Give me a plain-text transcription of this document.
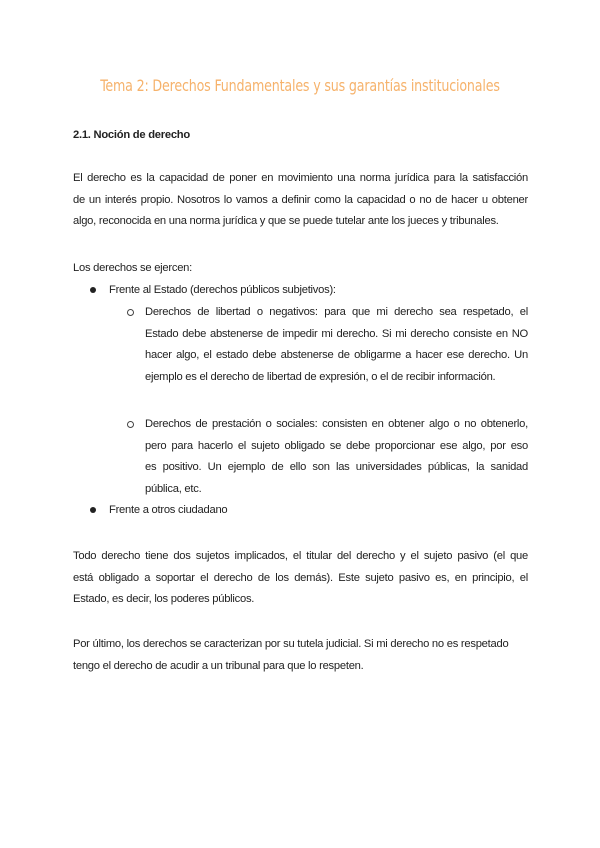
Tema 2: Derechos Fundamentales y sus garantías institucionales
2.1. Noción de derecho
El derecho es la capacidad de poner en movimiento una norma jurídica para la satisfacción
de un interés propio. Nosotros lo vamos a definir como la capacidad o no de hacer u obtener
algo, reconocida en una norma jurídica y que se puede tutelar ante los jueces y tribunales.
Los derechos se ejercen:
Frente al Estado (derechos públicos subjetivos):
Derechos de libertad o negativos: para que mi derecho sea respetado, el
Estado debe abstenerse de impedir mi derecho. Si mi derecho consiste en NO
hacer algo, el estado debe abstenerse de obligarme a hacer ese derecho. Un
ejemplo es el derecho de libertad de expresión, o el de recibir información.
Derechos de prestación o sociales: consisten en obtener algo o no obtenerlo,
pero para hacerlo el sujeto obligado se debe proporcionar ese algo, por eso
es positivo. Un ejemplo de ello son las universidades públicas, la sanidad
pública, etc.
Frente a otros ciudadano
Todo derecho tiene dos sujetos implicados, el titular del derecho y el sujeto pasivo (el que
está obligado a soportar el derecho de los demás). Este sujeto pasivo es, en principio, el
Estado, es decir, los poderes públicos.
Por último, los derechos se caracterizan por su tutela judicial. Si mi derecho no es respetado
tengo el derecho de acudir a un tribunal para que lo respeten.
